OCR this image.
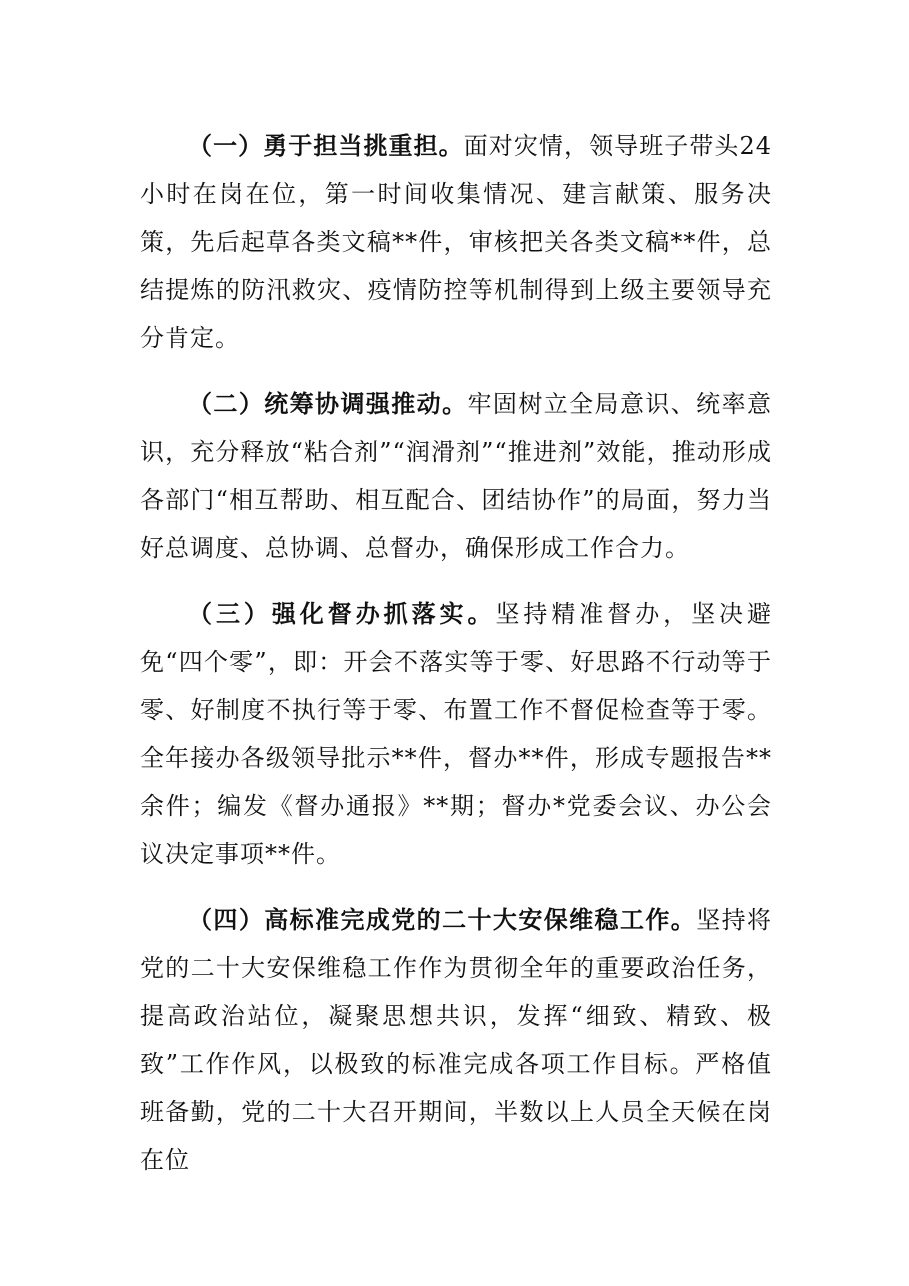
（一）勇于担当挑重担。面对灾情，领导班子带头24小时在岗在位，第一时间收集情况、建言献策、服务决策，先后起草各类文稿**件，审核把关各类文稿**件，总结提炼的防汛救灾、疫情防控等机制得到上级主要领导充分肯定。

（二）统筹协调强推动。牢固树立全局意识、统率意识，充分释放“粘合剂”“润滑剂”“推进剂”效能，推动形成各部门“相互帮助、相互配合、团结协作”的局面，努力当好总调度、总协调、总督办，确保形成工作合力。

（三）强化督办抓落实。坚持精准督办，坚决避免“四个零”，即：开会不落实等于零、好思路不行动等于零、好制度不执行等于零、布置工作不督促检查等于零。全年接办各级领导批示**件，督办**件，形成专题报告**余件；编发《督办通报》**期；督办*党委会议、办公会议决定事项**件。

（四）高标准完成党的二十大安保维稳工作。坚持将党的二十大安保维稳工作作为贯彻全年的重要政治任务，提高政治站位，凝聚思想共识，发挥“细致、精致、极致”工作作风，以极致的标准完成各项工作目标。严格值班备勤，党的二十大召开期间，半数以上人员全天候在岗在位
